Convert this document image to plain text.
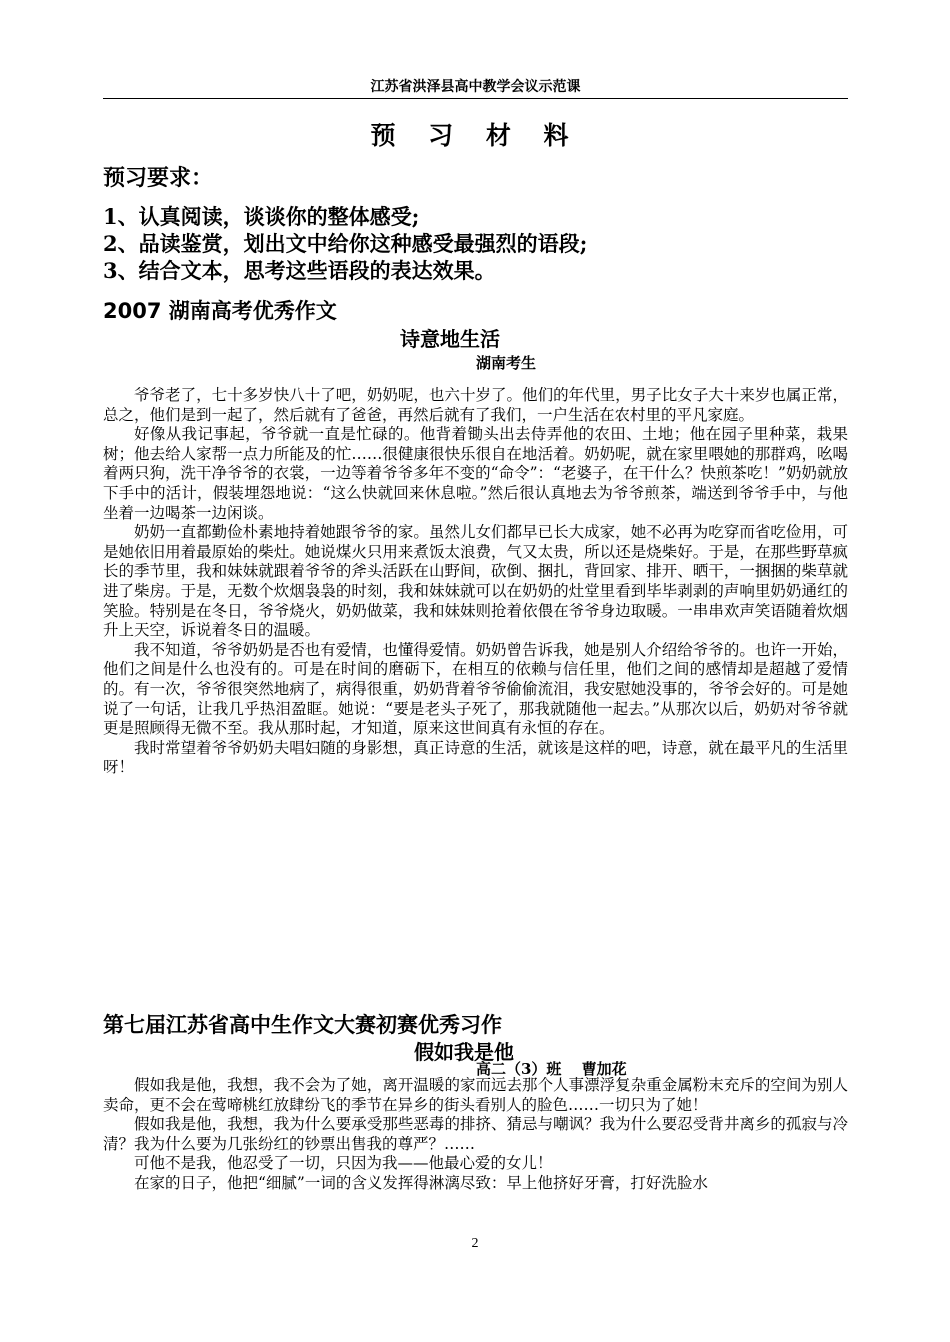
江苏省洪泽县高中教学会议示范课
预 习 材 料
预习要求：
1、认真阅读，谈谈你的整体感受;
2、品读鉴赏，划出文中给你这种感受最强烈的语段;
3、结合文本，思考这些语段的表达效果。
2007 湖南高考优秀作文
诗意地生活
湖南考生

爷爷老了，七十多岁快八十了吧，奶奶呢，也六十岁了。他们的年代里，男子比女子大十来岁也属正常，总之，他们是到一起了，然后就有了爸爸，再然后就有了我们，一户生活在农村里的平凡家庭。

好像从我记事起，爷爷就一直是忙碌的。他背着锄头出去侍弄他的农田、土地；他在园子里种菜，栽果树；他去给人家帮一点力所能及的忙……很健康很快乐很自在地活着。奶奶呢，就在家里喂她的那群鸡，吆喝着两只狗，洗干净爷爷的衣裳，一边等着爷爷多年不变的“命令”：“老婆子，在干什么？快煎茶吃！”奶奶就放下手中的活计，假装埋怨地说：“这么快就回来休息啦。”然后很认真地去为爷爷煎茶，端送到爷爷手中，与他坐着一边喝茶一边闲谈。

奶奶一直都勤俭朴素地持着她跟爷爷的家。虽然儿女们都早已长大成家，她不必再为吃穿而省吃俭用，可是她依旧用着最原始的柴灶。她说煤火只用来煮饭太浪费，气又太贵，所以还是烧柴好。于是，在那些野草疯长的季节里，我和妹妹就跟着爷爷的斧头活跃在山野间，砍倒、捆扎，背回家、排开、晒干，一捆捆的柴草就进了柴房。于是，无数个炊烟袅袅的时刻，我和妹妹就可以在奶奶的灶堂里看到毕毕剥剥的声响里奶奶通红的笑脸。特别是在冬日，爷爷烧火，奶奶做菜，我和妹妹则抢着依偎在爷爷身边取暖。一串串欢声笑语随着炊烟升上天空，诉说着冬日的温暖。

我不知道，爷爷奶奶是否也有爱情，也懂得爱情。奶奶曾告诉我，她是别人介绍给爷爷的。也许一开始，他们之间是什么也没有的。可是在时间的磨砺下，在相互的依赖与信任里，他们之间的感情却是超越了爱情的。有一次，爷爷很突然地病了，病得很重，奶奶背着爷爷偷偷流泪，我安慰她没事的，爷爷会好的。可是她说了一句话，让我几乎热泪盈眶。她说：“要是老头子死了，那我就随他一起去。”从那次以后，奶奶对爷爷就更是照顾得无微不至。我从那时起，才知道，原来这世间真有永恒的存在。

我时常望着爷爷奶奶夫唱妇随的身影想，真正诗意的生活，就该是这样的吧，诗意，就在最平凡的生活里呀！

第七届江苏省高中生作文大赛初赛优秀习作
假如我是他
高二（3）班　 曹加花

假如我是他，我想，我不会为了她，离开温暖的家而远去那个人事漂浮复杂重金属粉末充斥的空间为别人卖命，更不会在莺啼桃红放肆纷飞的季节在异乡的街头看别人的脸色……一切只为了她！

假如我是他，我想，我为什么要承受那些恶毒的排挤、猜忌与嘲讽？我为什么要忍受背井离乡的孤寂与冷清？我为什么要为几张纷红的钞票出售我的尊严？……

可他不是我，他忍受了一切，只因为我——他最心爱的女儿！

在家的日子，他把“细腻”一词的含义发挥得淋漓尽致：早上他挤好牙膏，打好洗脸水

2
